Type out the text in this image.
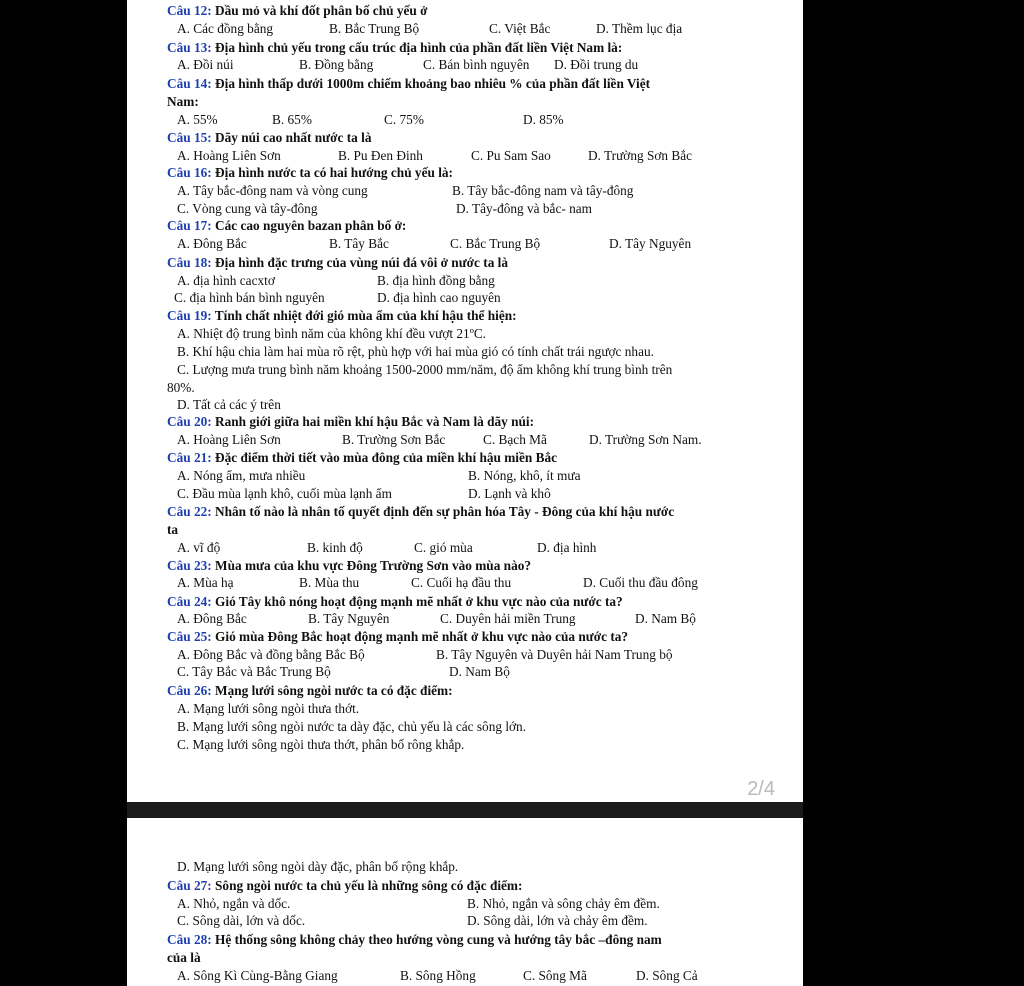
Câu 12: Dầu mỏ và khí đốt phân bố chủ yếu ở

A. Các đồng bằng	B. Bắc Trung Bộ	C. Việt Bắc	D. Thềm lục địa

Câu 13: Địa hình chủ yếu trong cấu trúc địa hình của phần đất liền Việt Nam là:

A. Đồi núi	B. Đồng bằng	C. Bán bình nguyên D. Đồi trung du

Câu 14: Địa hình thấp dưới 1000m chiếm khoảng bao nhiêu % của phần đất liền Việt

Nam:

A. 55%	B. 65%	C. 75%	D. 85%

Câu 15: Dãy núi cao nhất nước ta là

A. Hoàng Liên Sơn	B. Pu Đen Đinh	C. Pu Sam Sao	D. Trường Sơn Bắc

Câu 16: Địa hình nước ta có hai hướng chủ yếu là:

A. Tây bắc-đông nam và vòng cung	B. Tây bắc-đông nam và tây-đông

C. Vòng cung và tây-đông	D. Tây-đông và bắc- nam

Câu 17: Các cao nguyên bazan phân bố ở:

A. Đông Bắc	B. Tây Bắc	C. Bắc Trung Bộ	D. Tây Nguyên

Câu 18: Địa hình đặc trưng của vùng núi đá vôi ở nước ta là

A. địa hình cacxtơ	B. địa hình đồng bằng

C. địa hình bán bình nguyên	D. địa hình cao nguyên

Câu 19: Tính chất nhiệt đới gió mùa ẩm của khí hậu thể hiện:

A. Nhiệt độ trung bình năm của không khí đều vượt 21ºC.

B. Khí hậu chia làm hai mùa rõ rệt, phù hợp với hai mùa gió có tính chất trái ngược nhau.

C. Lượng mưa trung bình năm khoảng 1500-2000 mm/năm, độ ẩm không khí trung bình trên

80%.

D. Tất cả các ý trên

Câu 20: Ranh giới giữa hai miền khí hậu Bắc và Nam là dãy núi:

A. Hoàng Liên Sơn	B. Trường Sơn Bắc	C. Bạch Mã	D. Trường Sơn Nam.

Câu 21: Đặc điểm thời tiết vào mùa đông của miền khí hậu miền Bắc

A. Nóng ẩm, mưa nhiều	B. Nóng, khô, ít mưa

C. Đầu mùa lạnh khô, cuối mùa lạnh ẩm	D. Lạnh và khô

Câu 22: Nhân tố nào là nhân tố quyết định đến sự phân hóa Tây - Đông của khí hậu nước

ta

A. vĩ độ	B. kinh độ	C. gió mùa	D. địa hình

Câu 23: Mùa mưa của khu vực Đông Trường Sơn vào mùa nào?

A. Mùa hạ	B. Mùa thu	C. Cuối hạ đầu thu	D. Cuối thu đầu đông

Câu 24: Gió Tây khô nóng hoạt động mạnh mẽ nhất ở khu vực nào của nước ta?

A. Đông Bắc	B. Tây Nguyên	C. Duyên hải miền Trung	D. Nam Bộ

Câu 25: Gió mùa Đông Bắc hoạt động mạnh mẽ nhất ở khu vực nào của nước ta?

A. Đông Bắc và đồng bằng Bắc Bộ	B. Tây Nguyên và Duyên hải Nam Trung bộ

C. Tây Bắc và Bắc Trung Bộ	D. Nam Bộ

Câu 26: Mạng lưới sông ngòi nước ta có đặc điểm:

A. Mạng lưới sông ngòi thưa thớt.

B. Mạng lưới sông ngòi nước ta dày đặc, chủ yếu là các sông lớn.

C. Mạng lưới sông ngòi thưa thớt, phân bố rông khắp.

2/4

D. Mạng lưới sông ngòi dày đặc, phân bố rộng khắp.

Câu 27: Sông ngòi nước ta chủ yếu là những sông có đặc điểm:

A. Nhỏ, ngắn và dốc.	B. Nhỏ, ngắn và sông chảy êm đềm.

C. Sông dài, lớn và dốc.	D. Sông dài, lớn và chảy êm đềm.

Câu 28: Hệ thống sông không chảy theo hướng vòng cung và hướng tây bắc –đông nam

của là

A. Sông Kì Cùng-Bằng Giang	B. Sông Hồng	C. Sông Mã	D. Sông Cả
